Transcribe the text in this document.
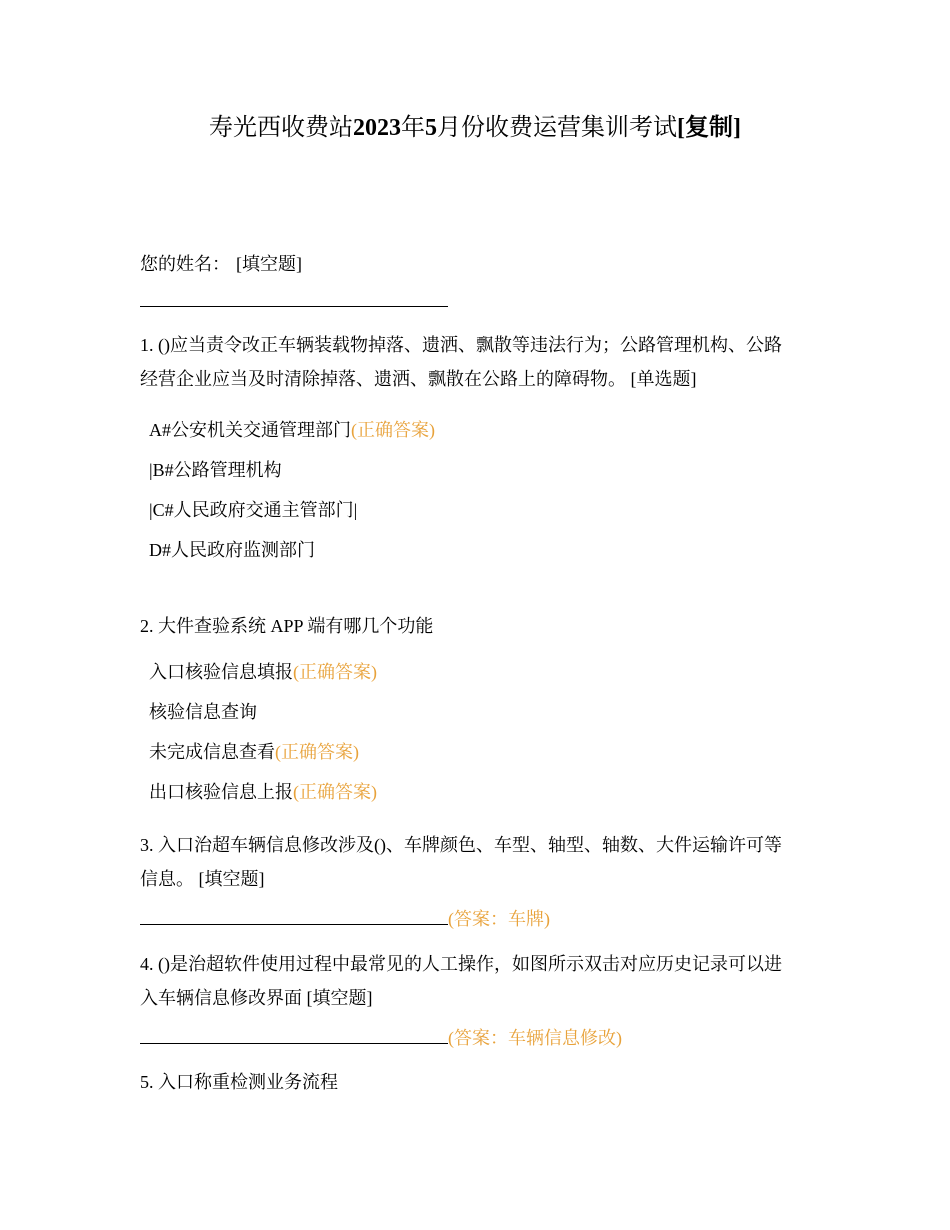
寿光西收费站2023年5月份收费运营集训考试[复制]
您的姓名： [填空题]
1. ()应当责令改正车辆装载物掉落、遗洒、飘散等违法行为；公路管理机构、公路
经营企业应当及时清除掉落、遗洒、飘散在公路上的障碍物。 [单选题]
A#公安机关交通管理部门(正确答案)
|B#公路管理机构
|C#人民政府交通主管部门|
D#人民政府监测部门
2. 大件查验系统 APP 端有哪几个功能
入口核验信息填报(正确答案)
核验信息查询
未完成信息查看(正确答案)
出口核验信息上报(正确答案)
3. 入口治超车辆信息修改涉及()、车牌颜色、车型、轴型、轴数、大件运输许可等
信息。 [填空题]
(答案：车牌)
4. ()是治超软件使用过程中最常见的人工操作，如图所示双击对应历史记录可以进
入车辆信息修改界面 [填空题]
(答案：车辆信息修改)
5. 入口称重检测业务流程
